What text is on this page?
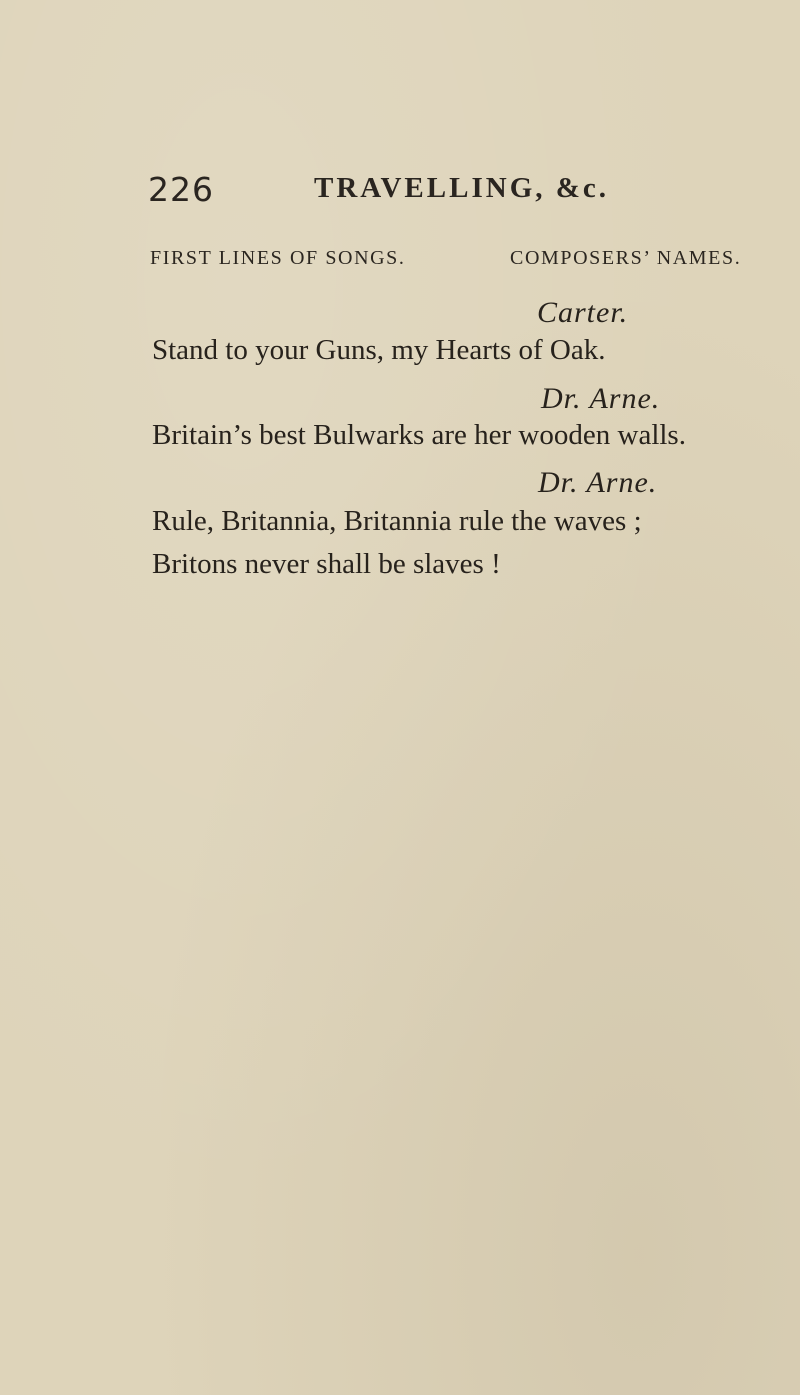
226	TRAVELLING, &c.
FIRST LINES OF SONGS.	COMPOSERS’ NAMES.
Carter.
Stand to your Guns, my Hearts of Oak.
Dr. Arne.
Britain’s best Bulwarks are her wooden walls.
Dr. Arne.
Rule, Britannia, Britannia rule the waves ;
Britons never shall be slaves !
